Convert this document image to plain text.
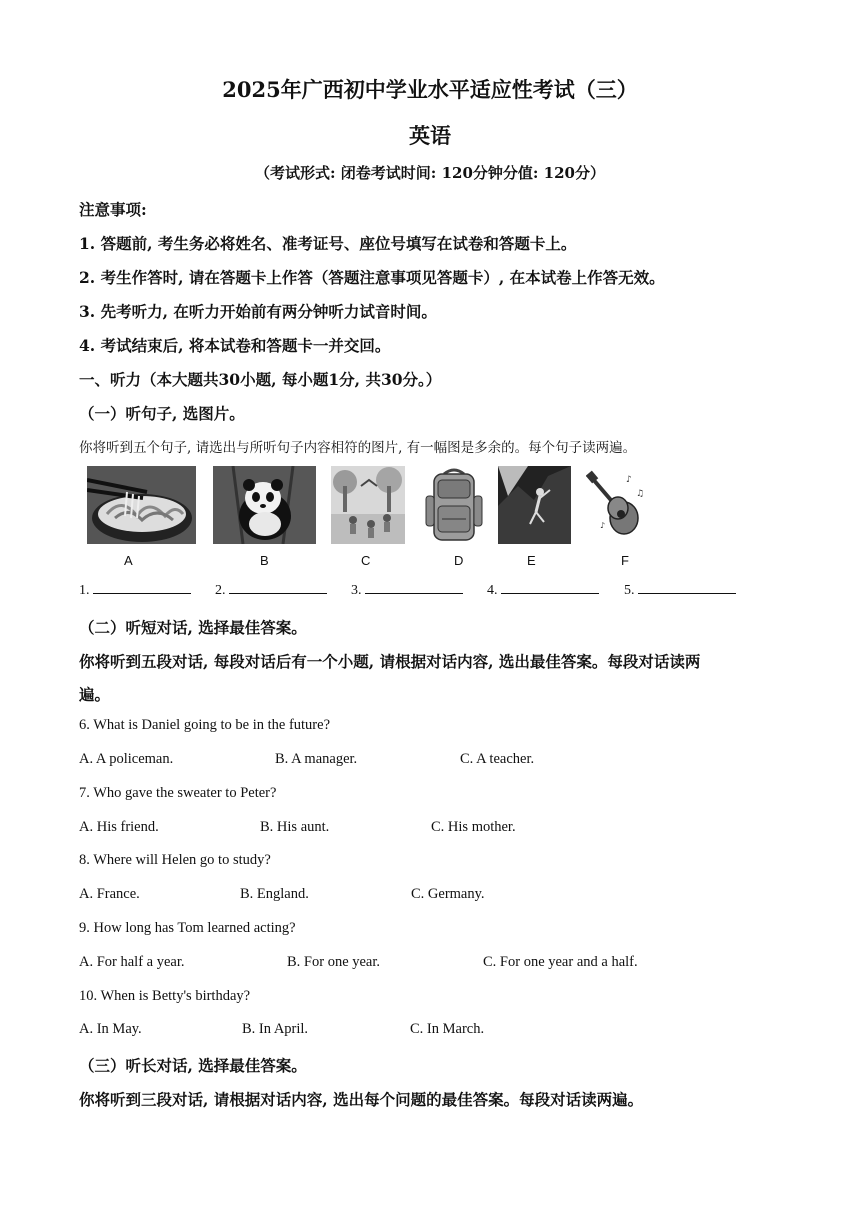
2025年广西初中学业水平适应性考试（三）
英语
（考试形式: 闭卷考试时间: 120分钟分值: 120分）
注意事项:
1. 答题前, 考生务必将姓名、准考证号、座位号填写在试卷和答题卡上。
2. 考生作答时, 请在答题卡上作答（答题注意事项见答题卡）, 在本试卷上作答无效。
3. 先考听力, 在听力开始前有两分钟听力试音时间。
4. 考试结束后, 将本试卷和答题卡一并交回。
一、听力（本大题共30小题, 每小题1分, 共30分。）
（一）听句子, 选图片。
你将听到五个句子, 请选出与所听句子内容相符的图片, 有一幅图是多余的。每个句子读两遍。
♪
♫
♪
A	B	C	D	E	F
1.	2.	3.	4.	5.
（二）听短对话, 选择最佳答案。
你将听到五段对话, 每段对话后有一个小题, 请根据对话内容, 选出最佳答案。每段对话读两
遍。
6. What is Daniel going to be in the future?
A. A policeman.	B. A manager.	C. A teacher.
7. Who gave the sweater to Peter?
A. His friend.	B. His aunt.	C. His mother.
8. Where will Helen go to study?
A. France.	B. England.	C. Germany.
9. How long has Tom learned acting?
A. For half a year.	B. For one year.	C. For one year and a half.
10. When is Betty's birthday?
A. In May.	B. In April.	C. In March.
（三）听长对话, 选择最佳答案。
你将听到三段对话, 请根据对话内容, 选出每个问题的最佳答案。每段对话读两遍。
